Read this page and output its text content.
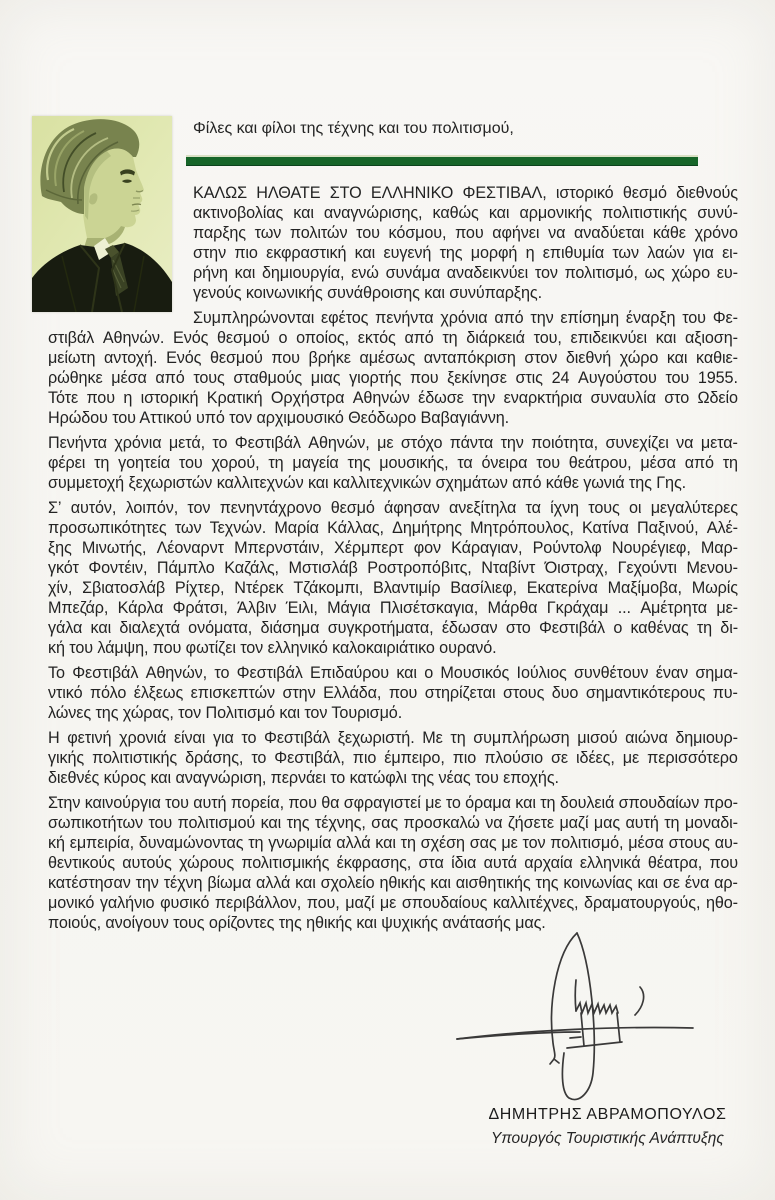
Φίλες και φίλοι της τέχνης και του πολιτισμού,
ΚΑΛΩΣ ΗΛΘΑΤΕ ΣΤΟ ΕΛΛΗΝΙΚΟ ΦΕΣΤΙΒΑΛ, ιστορικό θεσμό διεθνούς
ακτινοβολίας και αναγνώρισης, καθώς και αρμονικής πολιτιστικής συνύ-
παρξης των πολιτών του κόσμου, που αφήνει να αναδύεται κάθε χρόνο
στην πιο εκφραστική και ευγενή της μορφή η επιθυμία των λαών για ει-
ρήνη και δημιουργία, ενώ συνάμα αναδεικνύει τον πολιτισμό, ως χώρο ευ-
γενούς κοινωνικής συνάθροισης και συνύπαρξης.
Συμπληρώνονται εφέτος πενήντα χρόνια από την επίσημη έναρξη του Φε-
στιβάλ Αθηνών. Ενός θεσμού ο οποίος, εκτός από τη διάρκειά του, επιδεικνύει και αξιοση-
μείωτη αντοχή. Ενός θεσμού που βρήκε αμέσως ανταπόκριση στον διεθνή χώρο και καθιε-
ρώθηκε μέσα από τους σταθμούς μιας γιορτής που ξεκίνησε στις 24 Αυγούστου του 1955.
Τότε που η ιστορική Κρατική Ορχήστρα Αθηνών έδωσε την εναρκτήρια συναυλία στο Ωδείο
Ηρώδου του Αττικού υπό τον αρχιμουσικό Θεόδωρο Βαβαγιάννη.
Πενήντα χρόνια μετά, το Φεστιβάλ Αθηνών, με στόχο πάντα την ποιότητα, συνεχίζει να μετα-
φέρει τη γοητεία του χορού, τη μαγεία της μουσικής, τα όνειρα του θεάτρου, μέσα από τη
συμμετοχή ξεχωριστών καλλιτεχνών και καλλιτεχνικών σχημάτων από κάθε γωνιά της Γης.
Σ’ αυτόν, λοιπόν, τον πενηντάχρονο θεσμό άφησαν ανεξίτηλα τα ίχνη τους οι μεγαλύτερες
προσωπικότητες των Τεχνών. Μαρία Κάλλας, Δημήτρης Μητρόπουλος, Κατίνα Παξινού, Αλέ-
ξης Μινωτής, Λέοναρντ Μπερνστάιν, Χέρμπερτ φον Κάραγιαν, Ρούντολφ Νουρέγιεφ, Μαρ-
γκότ Φοντέιν, Πάμπλο Καζάλς, Μστισλάβ Ροστροπόβιτς, Νταβίντ Όιστραχ, Γεχούντι Μενου-
χίν, Σβιατοσλάβ Ρίχτερ, Ντέρεκ Τζάκομπι, Βλαντιμίρ Βασίλιεφ, Εκατερίνα Μαξίμοβα, Μωρίς
Μπεζάρ, Κάρλα Φράτσι, Άλβιν Έιλι, Μάγια Πλισέτσκαγια, Μάρθα Γκράχαμ ... Αμέτρητα με-
γάλα και διαλεχτά ονόματα, διάσημα συγκροτήματα, έδωσαν στο Φεστιβάλ ο καθένας τη δι-
κή του λάμψη, που φωτίζει τον ελληνικό καλοκαιριάτικο ουρανό.
Το Φεστιβάλ Αθηνών, το Φεστιβάλ Επιδαύρου και ο Μουσικός Ιούλιος συνθέτουν έναν σημα-
ντικό πόλο έλξεως επισκεπτών στην Ελλάδα, που στηρίζεται στους δυο σημαντικότερους πυ-
λώνες της χώρας, τον Πολιτισμό και τον Τουρισμό.
Η φετινή χρονιά είναι για το Φεστιβάλ ξεχωριστή. Με τη συμπλήρωση μισού αιώνα δημιουρ-
γικής πολιτιστικής δράσης, το Φεστιβάλ, πιο έμπειρο, πιο πλούσιο σε ιδέες, με περισσότερο
διεθνές κύρος και αναγνώριση, περνάει το κατώφλι της νέας του εποχής.
Στην καινούργια του αυτή πορεία, που θα σφραγιστεί με το όραμα και τη δουλειά σπουδαίων προ-
σωπικοτήτων του πολιτισμού και της τέχνης, σας προσκαλώ να ζήσετε μαζί μας αυτή τη μοναδι-
κή εμπειρία, δυναμώνοντας τη γνωριμία αλλά και τη σχέση σας με τον πολιτισμό, μέσα στους αυ-
θεντικούς αυτούς χώρους πολιτισμικής έκφρασης, στα ίδια αυτά αρχαία ελληνικά θέατρα, που
κατέστησαν την τέχνη βίωμα αλλά και σχολείο ηθικής και αισθητικής της κοινωνίας και σε ένα αρ-
μονικό γαλήνιο φυσικό περιβάλλον, που, μαζί με σπουδαίους καλλιτέχνες, δραματουργούς, ηθο-
ποιούς, ανοίγουν τους ορίζοντες της ηθικής και ψυχικής ανάτασής μας.
ΔΗΜΗΤΡΗΣ ΑΒΡΑΜΟΠΟΥΛΟΣ
Υπουργός Τουριστικής Ανάπτυξης
